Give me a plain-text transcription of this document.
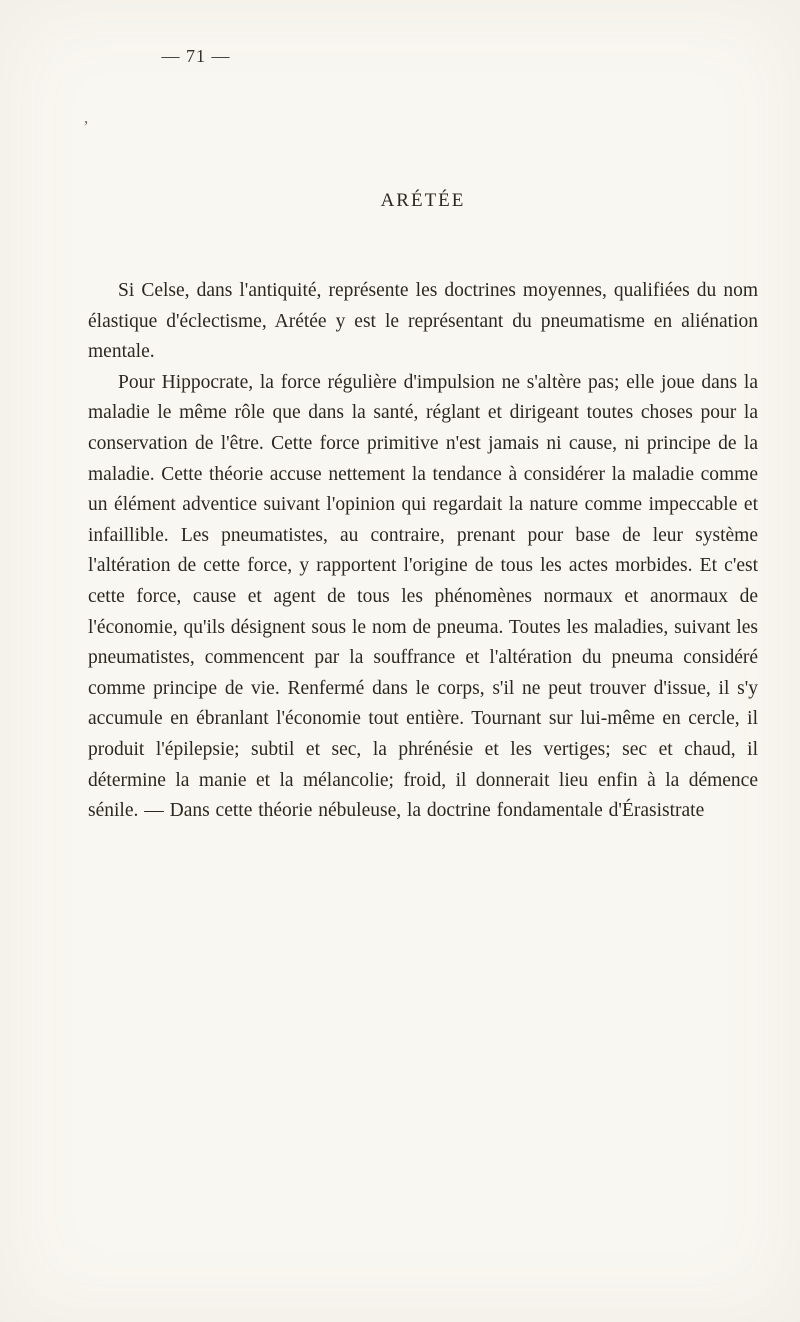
— 71 —
,
ARÉTÉE

Si Celse, dans l'antiquité, représente les doctrines moyennes, qualifiées du nom élastique d'éclectisme, Arétée y est le représentant du pneumatisme en aliénation mentale.

Pour Hippocrate, la force régulière d'impulsion ne s'altère pas; elle joue dans la maladie le même rôle que dans la santé, réglant et dirigeant toutes choses pour la conservation de l'être. Cette force primitive n'est jamais ni cause, ni principe de la maladie. Cette théorie accuse nettement la tendance à considérer la maladie comme un élément adventice suivant l'opinion qui regardait la nature comme impeccable et infaillible. Les pneumatistes, au contraire, prenant pour base de leur système l'altération de cette force, y rapportent l'origine de tous les actes morbides. Et c'est cette force, cause et agent de tous les phénomènes normaux et anormaux de l'économie, qu'ils désignent sous le nom de pneuma. Toutes les maladies, suivant les pneumatistes, commencent par la souffrance et l'altération du pneuma considéré comme principe de vie. Renfermé dans le corps, s'il ne peut trouver d'issue, il s'y accumule en ébranlant l'économie tout entière. Tournant sur lui-même en cercle, il produit l'épilepsie; subtil et sec, la phrénésie et les vertiges; sec et chaud, il détermine la manie et la mélancolie; froid, il donnerait lieu enfin à la démence sénile. — Dans cette théorie nébuleuse, la doctrine fondamentale d'Érasistrate
